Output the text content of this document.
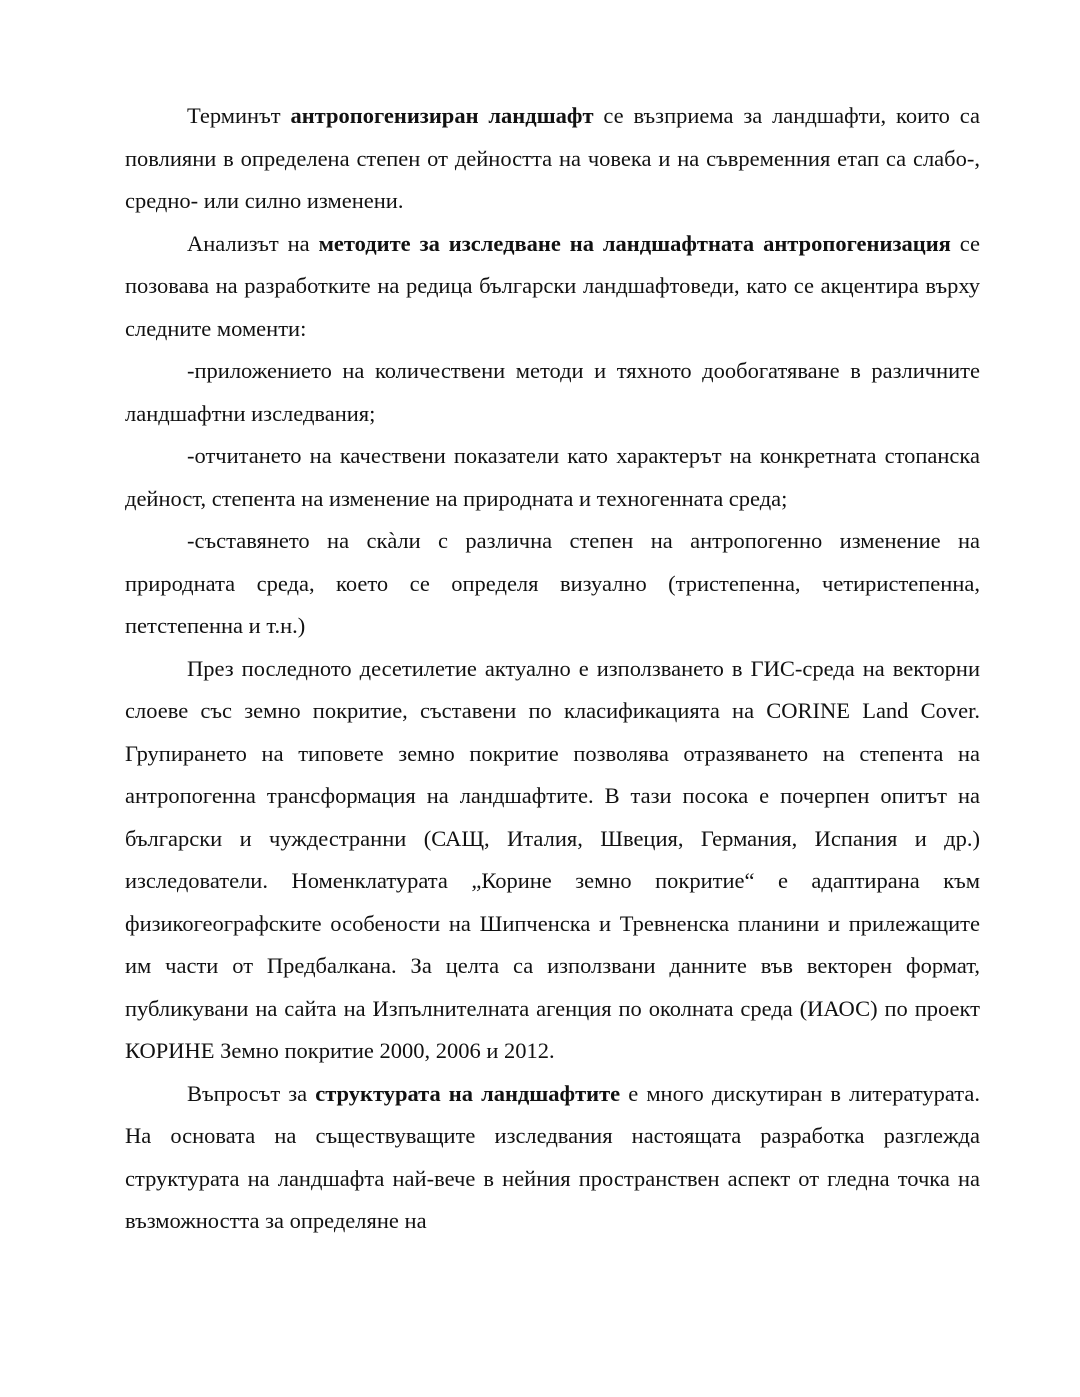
Терминът антропогенизиран ландшафт се възприема за ландшафти, които са повлияни в определена степен от дейността на човека и на съвременния етап са слабо-, средно- или силно изменени.

Анализът на методите за изследване на ландшафтната антропогенизация се позовава на разработките на редица български ландшафтоведи, като се акцентира върху следните моменти:

-приложението на количествени методи и тяхното дообогатяване в различните ландшафтни изследвания;

-отчитането на качествени показатели като характерът на конкретната стопанска дейност, степента на изменение на природната и техногенната среда;

-съставянето на скàли с различна степен на антропогенно изменение на природната среда, което се определя визуално (тристепенна, четиристепенна, петстепенна и т.н.)

През последното десетилетие актуално е използването в ГИС-среда на векторни слоеве със земно покритие, съставени по класификацията на CORINE Land Cover. Групирането на типовете земно покритие позволява отразяването на степента на антропогенна трансформация на ландшафтите. В тази посока е почерпен опитът на български и чуждестранни (САЩ, Италия, Швеция, Германия, Испания и др.) изследователи. Номенклатурата „Корине земно покритие“ е адаптирана към физикогеографските особености на Шипченска и Тревненска планини и прилежащите им части от Предбалкана. За целта са използвани данните във векторен формат, публикувани на сайта на Изпълнителната агенция по околната среда (ИАОС) по проект КОРИНЕ Земно покритие 2000, 2006 и 2012.

Въпросът за структурата на ландшафтите е много дискутиран в литературата. На основата на съществуващите изследвания настоящата разработка разглежда структурата на ландшафта най-вече в нейния пространствен аспект от гледна точка на възможността за определяне на
